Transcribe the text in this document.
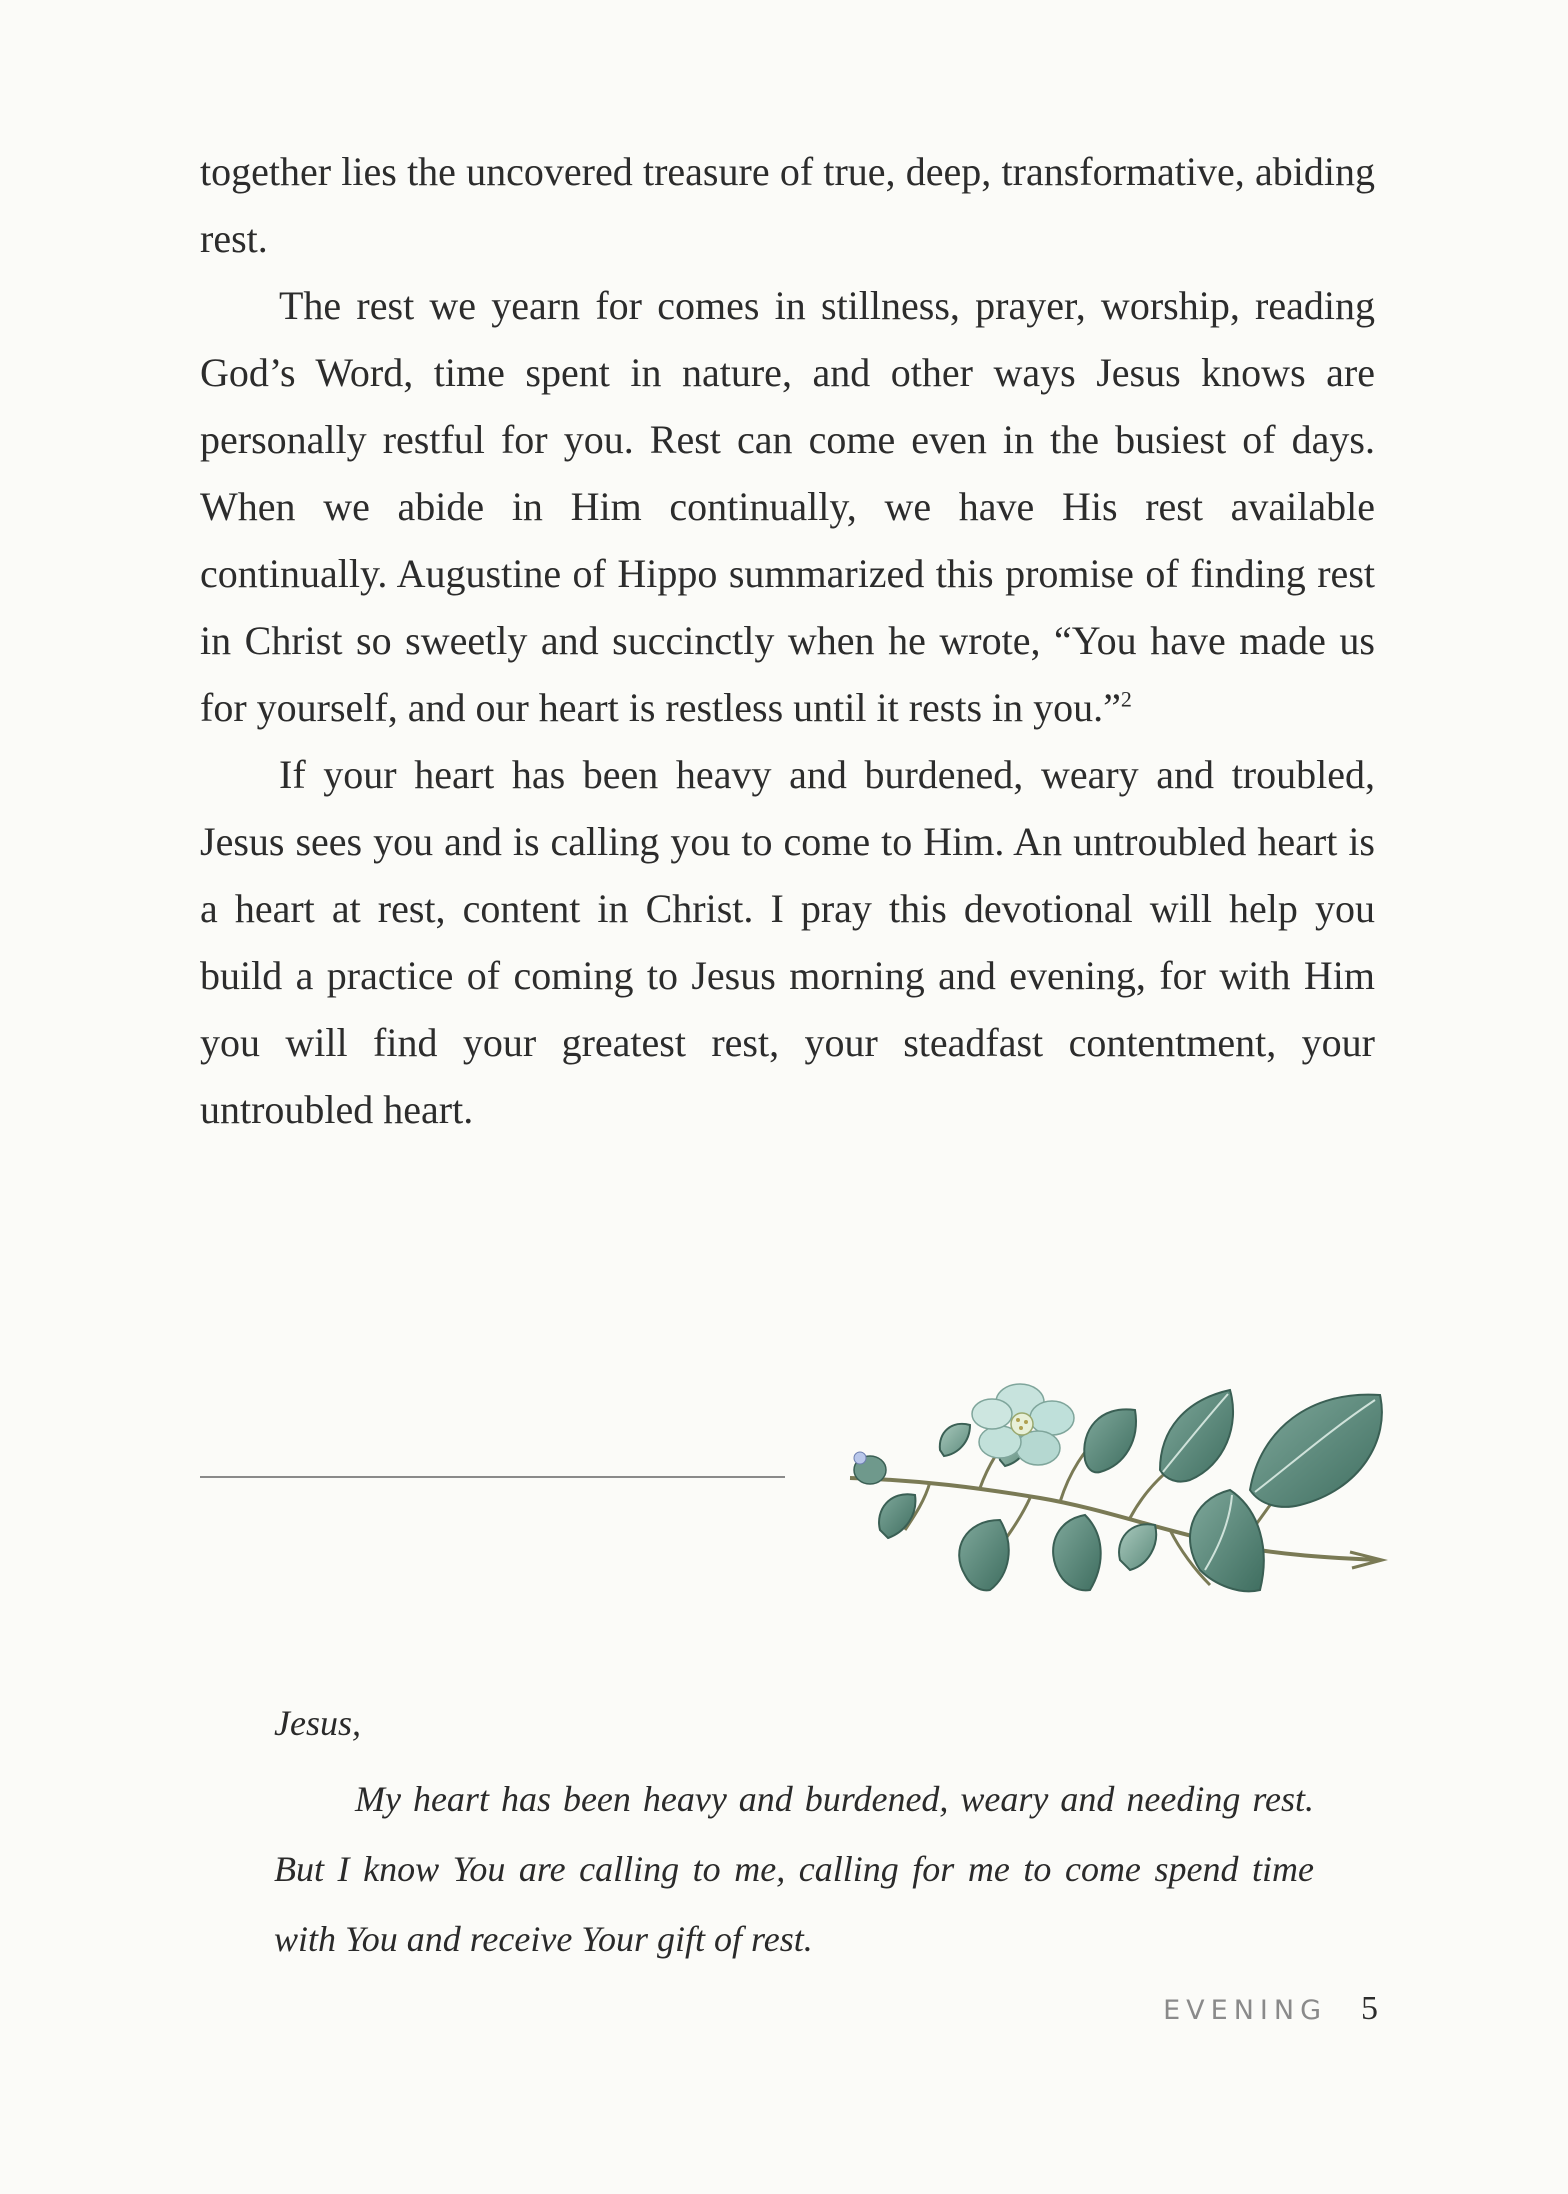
together lies the uncovered treasure of true, deep, transformative, abiding rest.

The rest we yearn for comes in stillness, prayer, worship, reading God’s Word, time spent in nature, and other ways Jesus knows are personally restful for you. Rest can come even in the busiest of days. When we abide in Him continually, we have His rest available continually. Augustine of Hippo summarized this promise of finding rest in Christ so sweetly and succinctly when he wrote, “You have made us for yourself, and our heart is restless until it rests in you.”$^2$

If your heart has been heavy and burdened, weary and troubled, Jesus sees you and is calling you to come to Him. An untroubled heart is a heart at rest, content in Christ. I pray this devotional will help you build a practice of coming to Jesus morning and evening, for with Him you will find your greatest rest, your steadfast contentment, your untroubled heart.

Jesus,

My heart has been heavy and burdened, weary and needing rest. But I know You are calling to me, calling for me to come spend time with You and receive Your gift of rest.

EVENING 5
